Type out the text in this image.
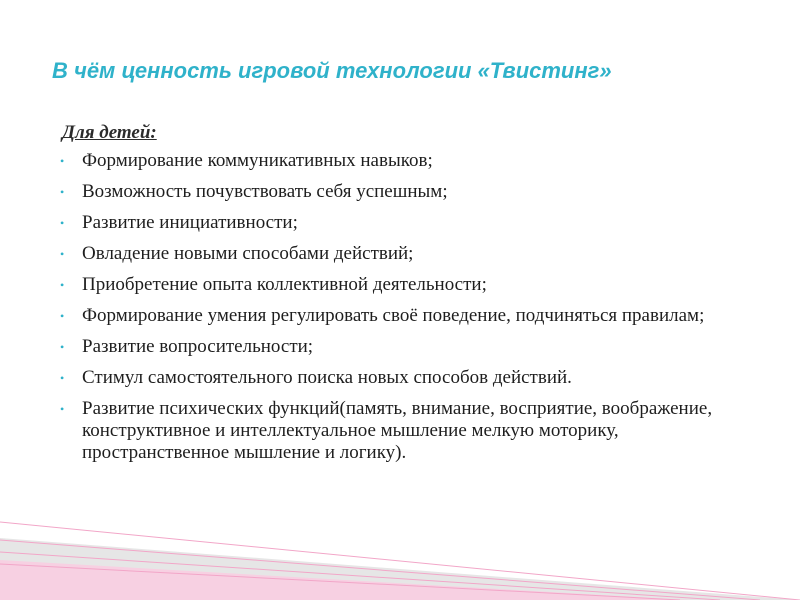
В чём ценность игровой технологии «Твистинг»
Для детей:
• Формирование коммуникативных навыков;
• Возможность почувствовать себя успешным;
• Развитие инициативности;
• Овладение новыми способами действий;
• Приобретение опыта коллективной деятельности;
• Формирование умения регулировать своё поведение, подчиняться правилам;
• Развитие вопросительности;
• Стимул самостоятельного поиска новых способов действий.
• Развитие психических функций(память, внимание, восприятие, воображение, конструктивное и интеллектуальное мышление мелкую моторику, пространственное мышление и логику).
